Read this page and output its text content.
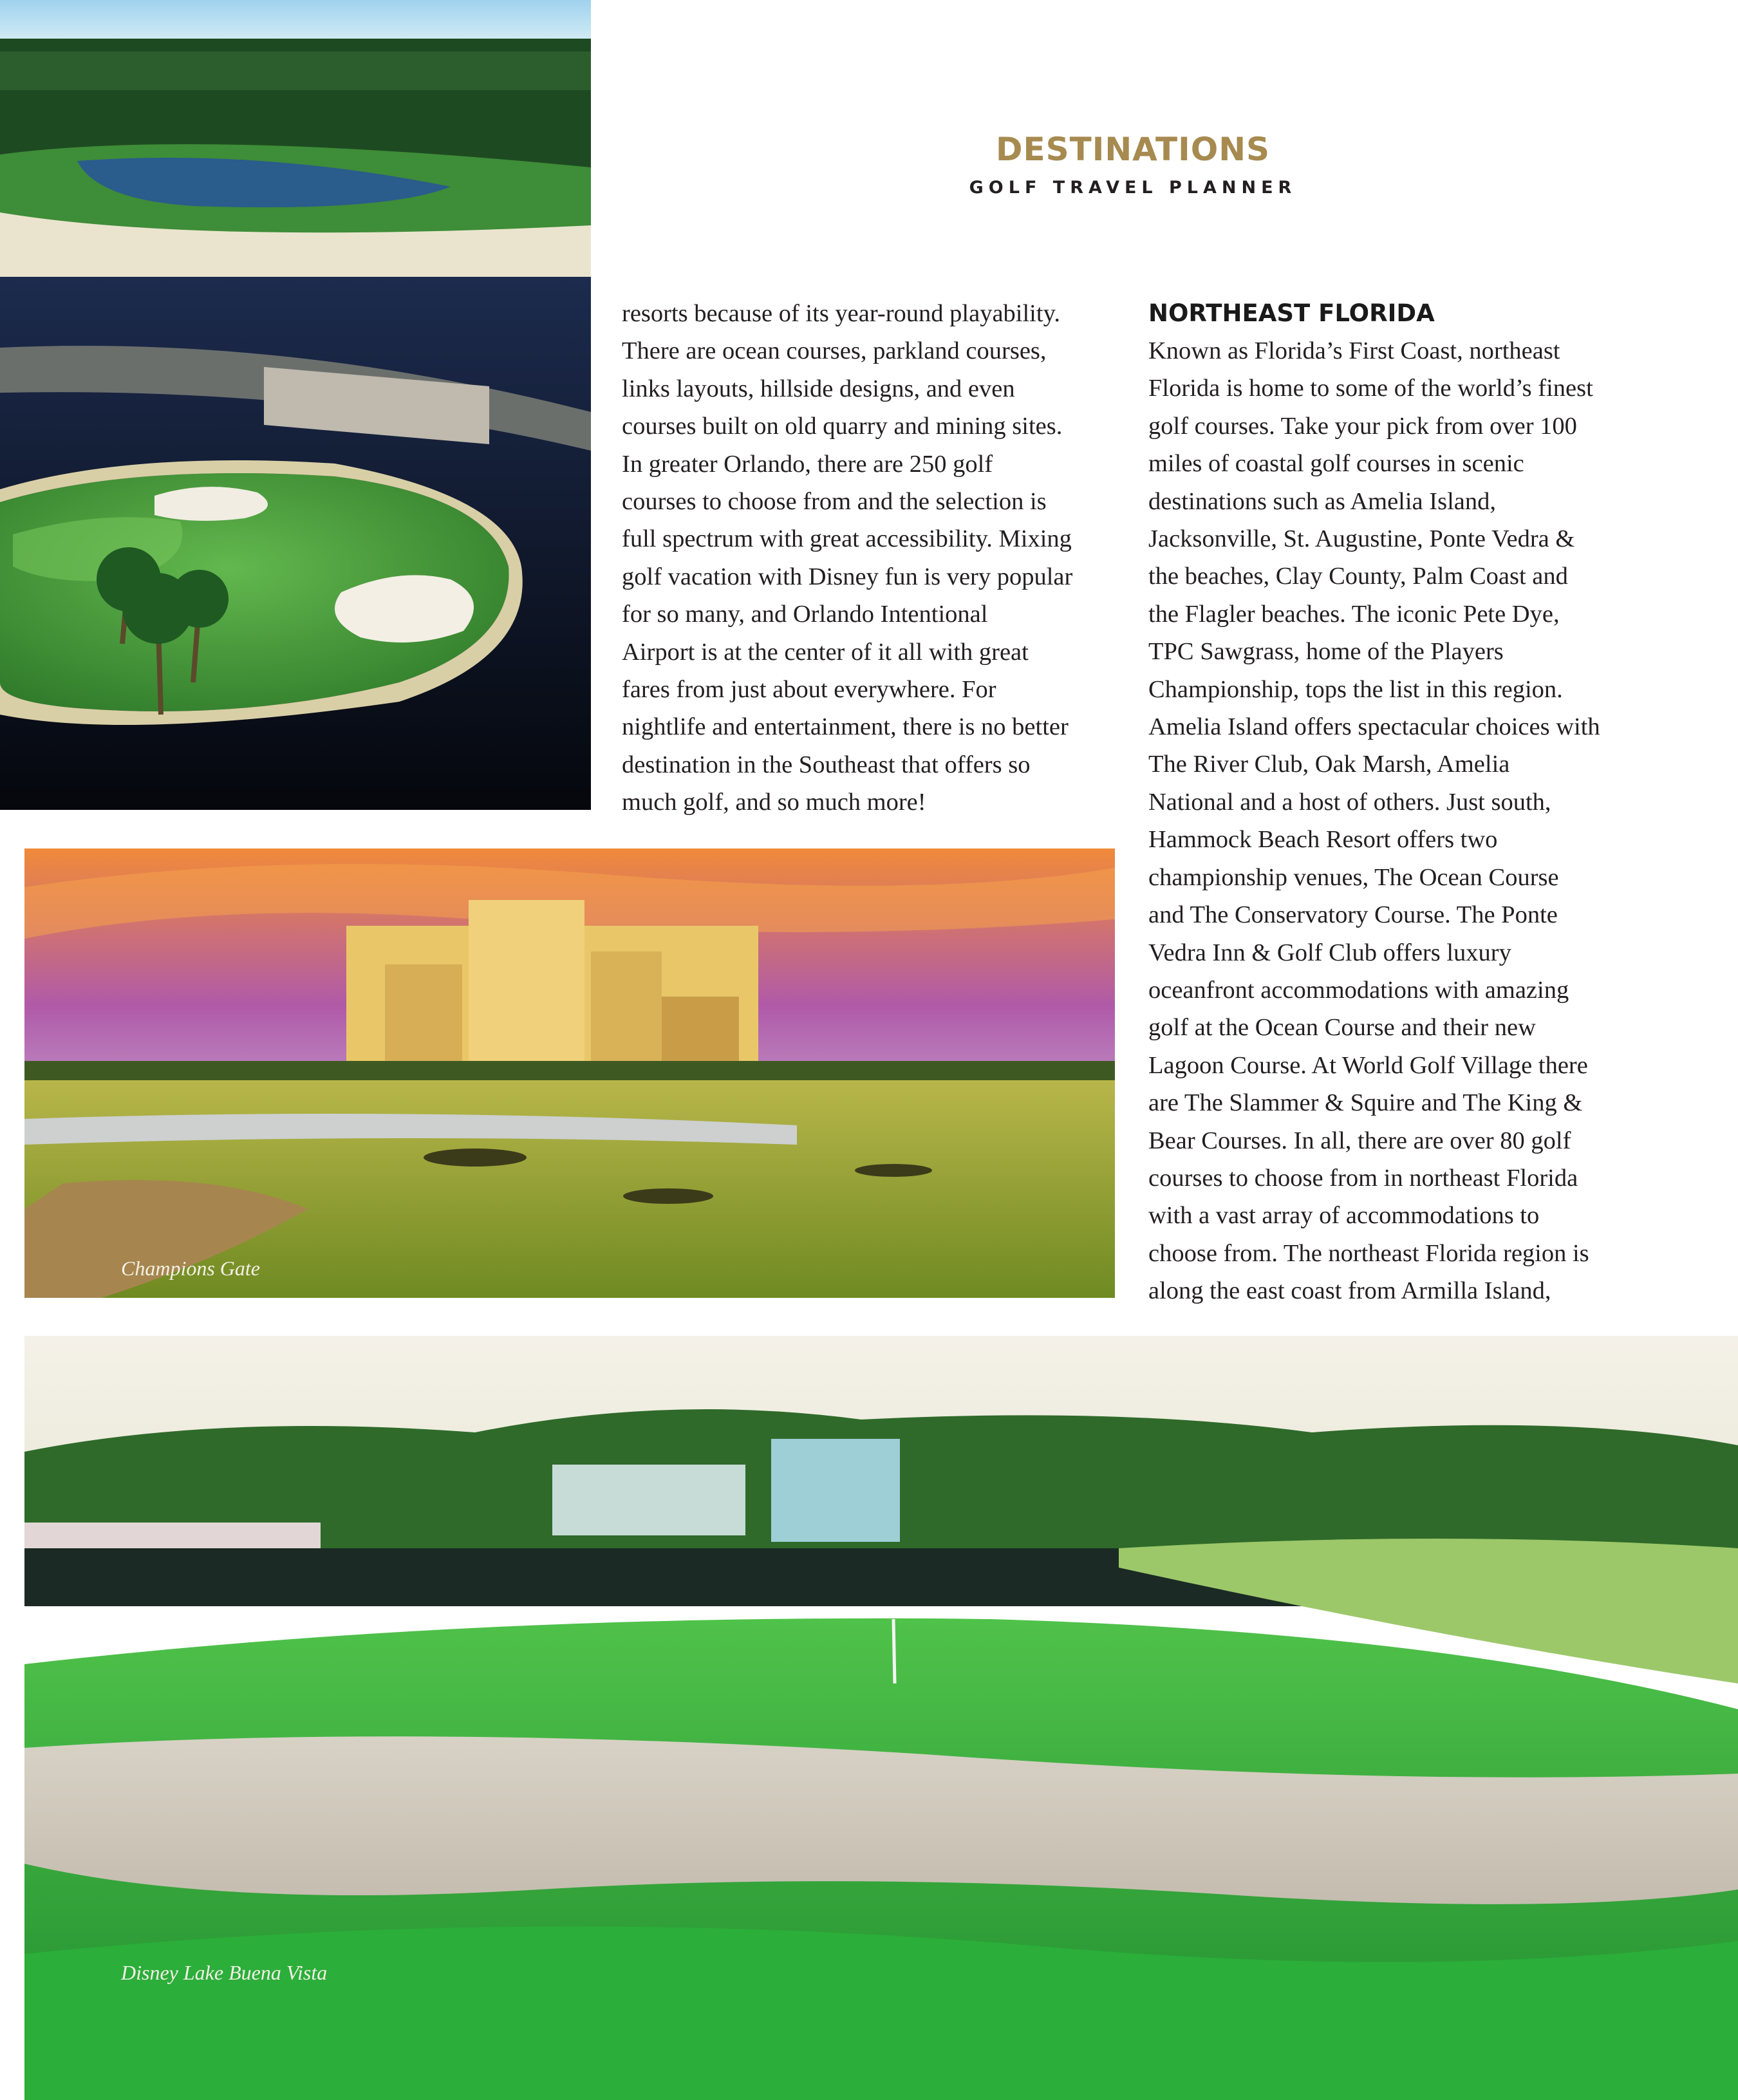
DESTINATIONS
GOLF TRAVEL PLANNER
Champions Gate
Disney Lake Buena Vista

resorts because of its year-round playability.

There are ocean courses, parkland courses,

links layouts, hillside designs, and even

courses built on old quarry and mining sites.

In greater Orlando, there are 250 golf

courses to choose from and the selection is

full spectrum with great accessibility. Mixing

golf vacation with Disney fun is very popular

for so many, and Orlando Intentional

Airport is at the center of it all with great

fares from just about everywhere. For

nightlife and entertainment, there is no better

destination in the Southeast that offers so

much golf, and so much more!

NORTHEAST FLORIDA

Known as Florida’s First Coast, northeast

Florida is home to some of the world’s finest

golf courses. Take your pick from over 100

miles of coastal golf courses in scenic

destinations such as Amelia Island,

Jacksonville, St. Augustine, Ponte Vedra &

the beaches, Clay County, Palm Coast and

the Flagler beaches. The iconic Pete Dye,

TPC Sawgrass, home of the Players

Championship, tops the list in this region.

Amelia Island offers spectacular choices with

The River Club, Oak Marsh, Amelia

National and a host of others. Just south,

Hammock Beach Resort offers two

championship venues, The Ocean Course

and The Conservatory Course. The Ponte

Vedra Inn & Golf Club offers luxury

oceanfront accommodations with amazing

golf at the Ocean Course and their new

Lagoon Course. At World Golf Village there

are The Slammer & Squire and The King &

Bear Courses. In all, there are over 80 golf

courses to choose from in northeast Florida

with a vast array of accommodations to

choose from. The northeast Florida region is

along the east coast from Armilla Island,
